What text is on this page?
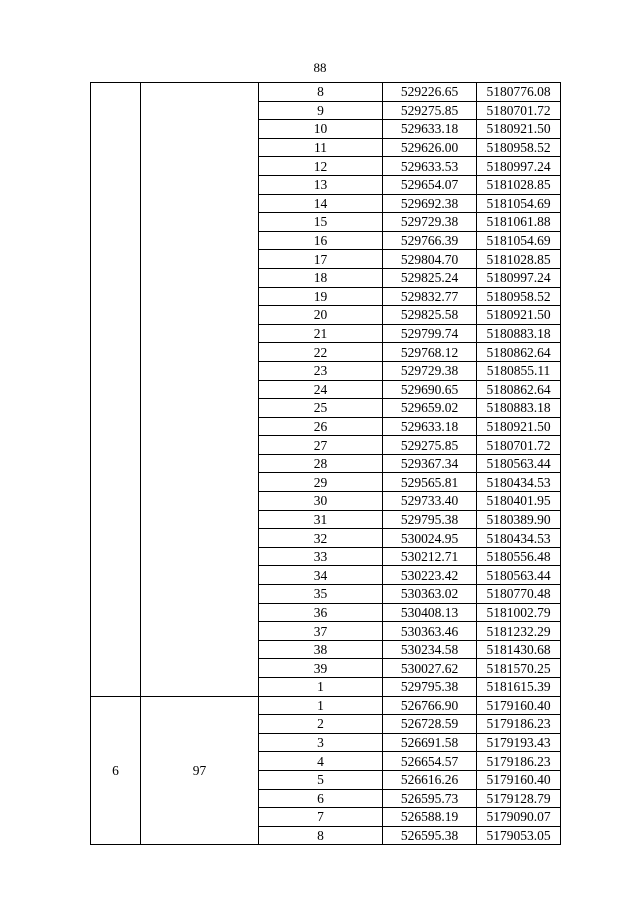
88
		8	529226.65	5180776.08
		9	529275.85	5180701.72
		10	529633.18	5180921.50
		11	529626.00	5180958.52
		12	529633.53	5180997.24
		13	529654.07	5181028.85
		14	529692.38	5181054.69
		15	529729.38	5181061.88
		16	529766.39	5181054.69
		17	529804.70	5181028.85
		18	529825.24	5180997.24
		19	529832.77	5180958.52
		20	529825.58	5180921.50
		21	529799.74	5180883.18
		22	529768.12	5180862.64
		23	529729.38	5180855.11
		24	529690.65	5180862.64
		25	529659.02	5180883.18
		26	529633.18	5180921.50
		27	529275.85	5180701.72
		28	529367.34	5180563.44
		29	529565.81	5180434.53
		30	529733.40	5180401.95
		31	529795.38	5180389.90
		32	530024.95	5180434.53
		33	530212.71	5180556.48
		34	530223.42	5180563.44
		35	530363.02	5180770.48
		36	530408.13	5181002.79
		37	530363.46	5181232.29
		38	530234.58	5181430.68
		39	530027.62	5181570.25
		1	529795.38	5181615.39
6	97	1	526766.90	5179160.40
		2	526728.59	5179186.23
		3	526691.58	5179193.43
		4	526654.57	5179186.23
		5	526616.26	5179160.40
		6	526595.73	5179128.79
		7	526588.19	5179090.07
		8	526595.38	5179053.05
